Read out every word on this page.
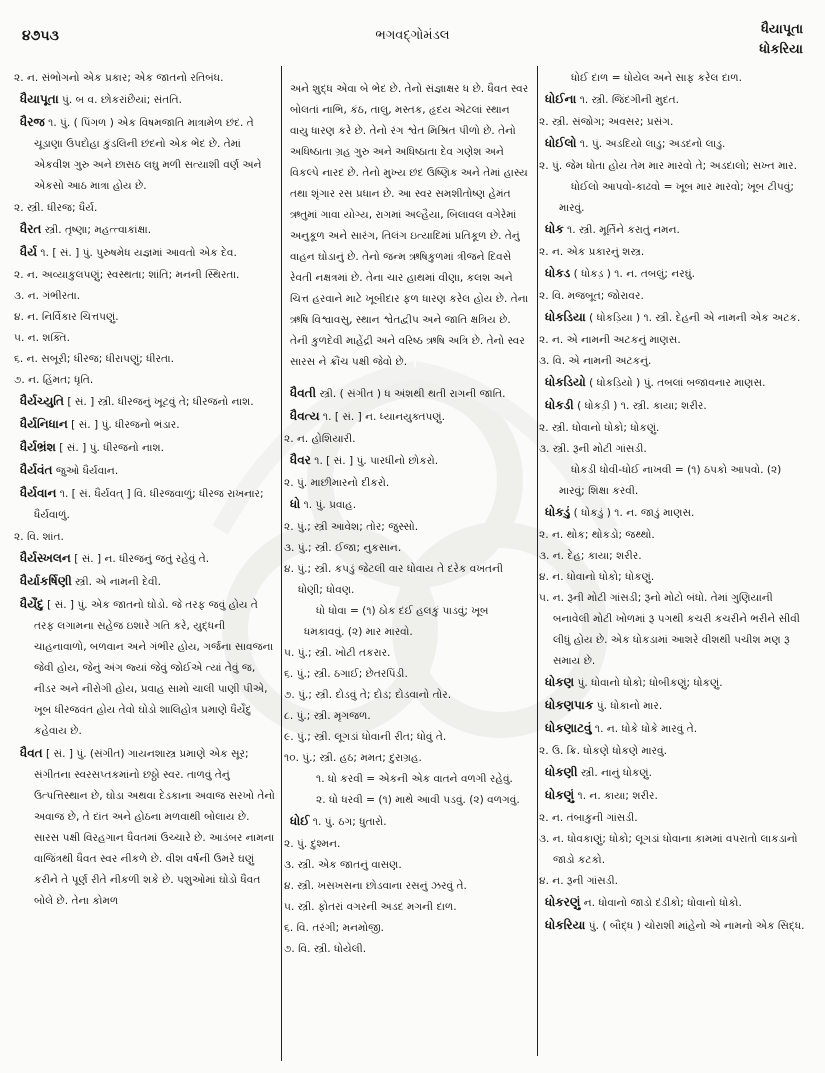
૪૭૫૩	ભગવદ્ગોમંડલ	ધૈયાપૂતા
ધોકરિયા

૨. ન. સંભોગનો એક પ્રકાર; એક જાતનો રતિબંધ.

ધૈયાપૂતા પું. બ વ. છોકરાંછૈયાં; સંતતિ.

ધૈરજ ૧. પું. ( પિંગળ ) એક વિષમજાતિ માત્રામેળ છંદ. તે ચૂડાણા ઉપદોહા કુંડલિની છંદનો એક ભેદ છે. તેમાં એકવીશ ગુરુ અને છાસઠ લઘુ મળી સત્યાશી વર્ણ અને એકસો આઠ માત્રા હોય છે.

૨. સ્ત્રી. ધીરજ; ધૈર્ય.

ધૈરત સ્ત્રી. તૃષ્ણા; મહત્ત્વાકાંક્ષા.

ધૈર્ય ૧. [ સં. ] પું. પુરુષમેધ યજ્ઞમાં આવતો એક દેવ.

૨. ન. અવ્યાકુલપણું; સ્વસ્થતા; શાંતિ; મનની સ્થિરતા.

૩. ન. ગંભીરતા.

૪. ન. નિર્વિકાર ચિત્તપણું.

૫. ન. શક્તિ.

૬. ન. સબૂરી; ધીરજ; ધીરાપણું; ધીરતા.

૭. ન. હિંમત; ધૃતિ.

ધૈર્યચ્યુતિ [ સં. ] સ્ત્રી. ધીરજનું ખૂટવું તે; ધીરજનો નાશ.

ધૈર્યનિધાન [ સં. ] પું. ધીરજનો ભંડાર.

ધૈર્યભ્રંશ [ સં. ] પું. ધીરજનો નાશ.

ધૈર્યવંત જુઓ ધૈર્યવાન.

ધૈર્યવાન ૧. [ સં. ધૈર્યવત્ ] વિ. ધીરજવાળું; ધીરજ રાખનાર; ધૈર્યવાળું.

૨. વિ. શાંત.

ધૈર્યસ્ખલન [ સં. ] ન. ધીરજનું જતું રહેવું તે.

ધૈર્યાકર્ષિણી સ્ત્રી. એ નામની દેવી.

ધૈર્યેંદુ [ સં. ] પું. એક જાતનો ઘોડો. જે તરફ જવું હોય તે તરફ લગામના સહેજ ઇશારે ગતિ કરે, યુદ્ધની ચાહનાવાળો, બળવાન અને ગંભીર હોય, ગર્જના સાવજના જેવી હોય, જેનું અંગ જ્યાં જેવું જોઈએ ત્યાં તેવું જ, નીડર અને નીરોગી હોય, પ્રવાહ સામો ચાલી પાણી પીએ, ખૂબ ધીરજવંત હોય તેવો ઘોડો શાલિહોત્ર પ્રમાણે ધૈર્યેંદુ કહેવાય છે.

ધૈવત [ સં. ] પું. (સંગીત) ગાયનશાસ્ત્ર પ્રમાણે એક સૂર; સંગીતના સ્વરસપ્તકમાંનો છઠ્ઠો સ્વર. તાળવું તેનું ઉત્પત્તિસ્થાન છે, ઘોડા અથવા દેડકાના અવાજ સરખો તેનો અવાજ છે, તે દાંત અને હોઠના મળવાથી બોલાય છે. સારસ પક્ષી વિરહગાન ધૈવતમાં ઉચ્ચારે છે. આડંબર નામના વાજિંત્રથી ધૈવત સ્વર નીકળે છે. વીશ વર્ષની ઉમરે ઘણું કરીને તે પૂર્ણ રીતે નીકળી શકે છે. પશુઓમાં ઘોડો ધૈવત બોલે છે. તેના કોમળ

અને શુદ્ધ એવા બે ભેદ છે. તેનો સંજ્ઞાક્ષર ધ છે. ધૈવત સ્વર બોલતાં નાભિ, કંઠ, તાલુ, મસ્તક, હૃદય એટલાં સ્થાન વાયુ ધારણ કરે છે. તેનો રંગ શ્વેત મિશ્રિત પીળો છે. તેનો અધિષ્ઠાતા ગ્રહ ગુરુ અને અધિષ્ઠાતા દેવ ગણેશ અને વિકલ્પે નારદ છે. તેનો મુખ્ય છંદ ઉષ્ણિક અને તેમાં હાસ્ય તથા શૃંગાર રસ પ્રધાન છે. આ સ્વર સમશીતોષ્ણ હેમંત ઋતુમાં ગાવા યોગ્ય, રાગમાં અલ્હૈયા, બિલાવલ વગેરેમાં અનુકૂળ અને સારંગ, તિલંગ ઇત્યાદિમાં પ્રતિકૂળ છે. તેનું વાહન ઘોડાનું છે. તેનો જન્મ ઋષિકુળમાં ત્રીજને દિવસે રેવતી નક્ષત્રમાં છે. તેના ચાર હાથમાં વીણા, કલશ અને ચિત્ત હરવાને માટે ખૂબીદાર ફળ ધારણ કરેલ હોય છે. તેના ઋષિ વિશ્વાવસુ, સ્થાન શ્વેતદ્વીપ અને જાતિ ક્ષત્રિય છે. તેની કુળદેવી માહેંદ્રી અને વરિષ્ઠ ઋષિ અત્રિ છે. તેનો સ્વર સારસ ને ક્રૌંચ પક્ષી જેવો છે.

ધૈવતી સ્ત્રી. ( સંગીત ) ધ અંશથી થતી રાગની જાતિ.

ધૈવત્ય ૧. [ સં. ] ન. ધ્યાનયુક્તપણું.

૨. ન. હોશિયારી.

ધૈવર ૧. [ સં. ] પું. પારધીનો છોકરો.

૨. પું. માછીમારનો દીકરો.

ધો ૧. પું. પ્રવાહ.

૨. પું.; સ્ત્રી આવેશ; તોર; જુસ્સો.

૩. પું.; સ્ત્રી. ઈજા; નુકસાન.

૪. પું.; સ્ત્રી. કપડું જેટલી વાર ધોવાય તે દરેક વખતની ધોણી; ધોવણ.

ધો ધોવા = (૧) ઠોક દઈ હલકું પાડવું; ખૂબ ધમકાવવું. (૨) માર મારવો.

૫. પું.; સ્ત્રી. ખોટી તકરાર.

૬. પું.; સ્ત્રી. ઠગાઈ; છેતરપિંડી.

૭. પું.; સ્ત્રી. દોડવું તે; દોડ; દોડવાનો તોર.

૮. પું.; સ્ત્રી. મૃગજળ.

૯. પું.; સ્ત્રી. લૂગડાં ધોવાની રીત; ધોવું તે.

૧૦. પું.; સ્ત્રી. હઠ; મમત; દુરાગ્રહ.

૧. ધો કરવી = એકની એક વાતને વળગી રહેવું.

૨. ધો ધરવી = (૧) માથે આવી પડવું. (૨) વળગવું.

ધોઈ ૧. પું. ઠગ; ધુતારો.

૨. પું. દુશ્મન.

૩. સ્ત્રી. એક જાતનું વાસણ.

૪. સ્ત્રી. ખસખસના છોડવાના રસનું ઝરવું તે.

૫. સ્ત્રી. ફોતરાં વગરની અડદ મગની દાળ.

૬. વિ. તરંગી; મનમોજી.

૭. વિ. સ્ત્રી. ધોયેલી.

ધોઈ દાળ = ધોયેલ અને સાફ કરેલ દાળ.

ધોઈના ૧. સ્ત્રી. જિંદગીની મુદત.

૨. સ્ત્રી. સંજોગ; અવસર; પ્રસંગ.

ધોઈલો ૧. પું. અડદિયો લાડુ; અડદનો લાડુ.

૨. પું. જેમ ધોતા હોય તેમ માર મારવો તે; અડદાલો; સખ્ત માર.

ધોઈલો આપવો-કાઢવો = ખૂબ માર મારવો; ખૂબ ટીપવું; મારવું.

ધોક ૧. સ્ત્રી. મૂર્તિને કરાતું નમન.

૨. ન. એક પ્રકારનું શસ્ત્ર.

ધોકડ ( ધોકડ઼ ) ૧. ન. તબલું; નરઘું.

૨. વિ. મજબૂત; જોરાવર.

ધોકડિયા ( ધોકડ઼િયા ) ૧. સ્ત્રી. દેહની એ નામની એક અટક.

૨. ન. એ નામની અટકનું માણસ.

૩. વિ. એ નામની અટકનું.

ધોકડિયો ( ધોકડ઼િયો ) પું. તબલાં બજાવનાર માણસ.

ધોકડી ( ધોકડ઼ી ) ૧. સ્ત્રી. કાયા; શરીર.

૨. સ્ત્રી. ધોવાનો ધોકો; ધોકણું.

૩. સ્ત્રી. રૂની મોટી ગાંસડી.

ધોકડી ધોવી-ધોઈ નાખવી = (૧) ઠપકો આપવો. (૨) મારવું; શિક્ષા કરવી.

ધોકડું ( ધોકડ઼ું ) ૧. ન. જાડું માણસ.

૨. ન. થોક; થોકડો; જથ્થો.

૩. ન. દેહ; કાયા; શરીર.

૪. ન. ધોવાનો ધોકો; ધોકણું.

૫. ન. રૂની મોટી ગાંસડી; રૂનો મોટો બંધો. તેમાં ગુણિયાની બનાવેલી મોટી ખોળમાં રૂ પગથી કચરી કચરીને ભરીને સીવી લીધું હોય છે. એક ધોકડામાં આશરે વીશથી પચીશ મણ રૂ સમાય છે.

ધોકણ પું. ધોવાનો ધોકો; ધોબીકણું; ધોકણું.

ધોકણપાક પું. ધોકાનો માર.

ધોકણાટવું ૧. ન. ધોકે ધોકે મારવું તે.

૨. ઉ. ક્રિ. ધોકણે ધોકણે મારવું.

ધોકણી સ્ત્રી. નાનું ધોકણું.

ધોકણું ૧. ન. કાયા; શરીર.

૨. ન. તંબાકુની ગાંસડી.

૩. ન. ધોવકાણું; ધોકો; લૂગડાં ધોવાના કામમાં વપરાતો લાકડાનો જાડો કટકો.

૪. ન. રૂની ગાંસડી.

ધોકરણું ન. ધોવાનો જાડો દંડીકો; ધોવાનો ધોકો.

ધોકરિયા પું. ( બૌદ્ધ ) ચોરાશી માંહેનો એ નામનો એક સિદ્ધ.
